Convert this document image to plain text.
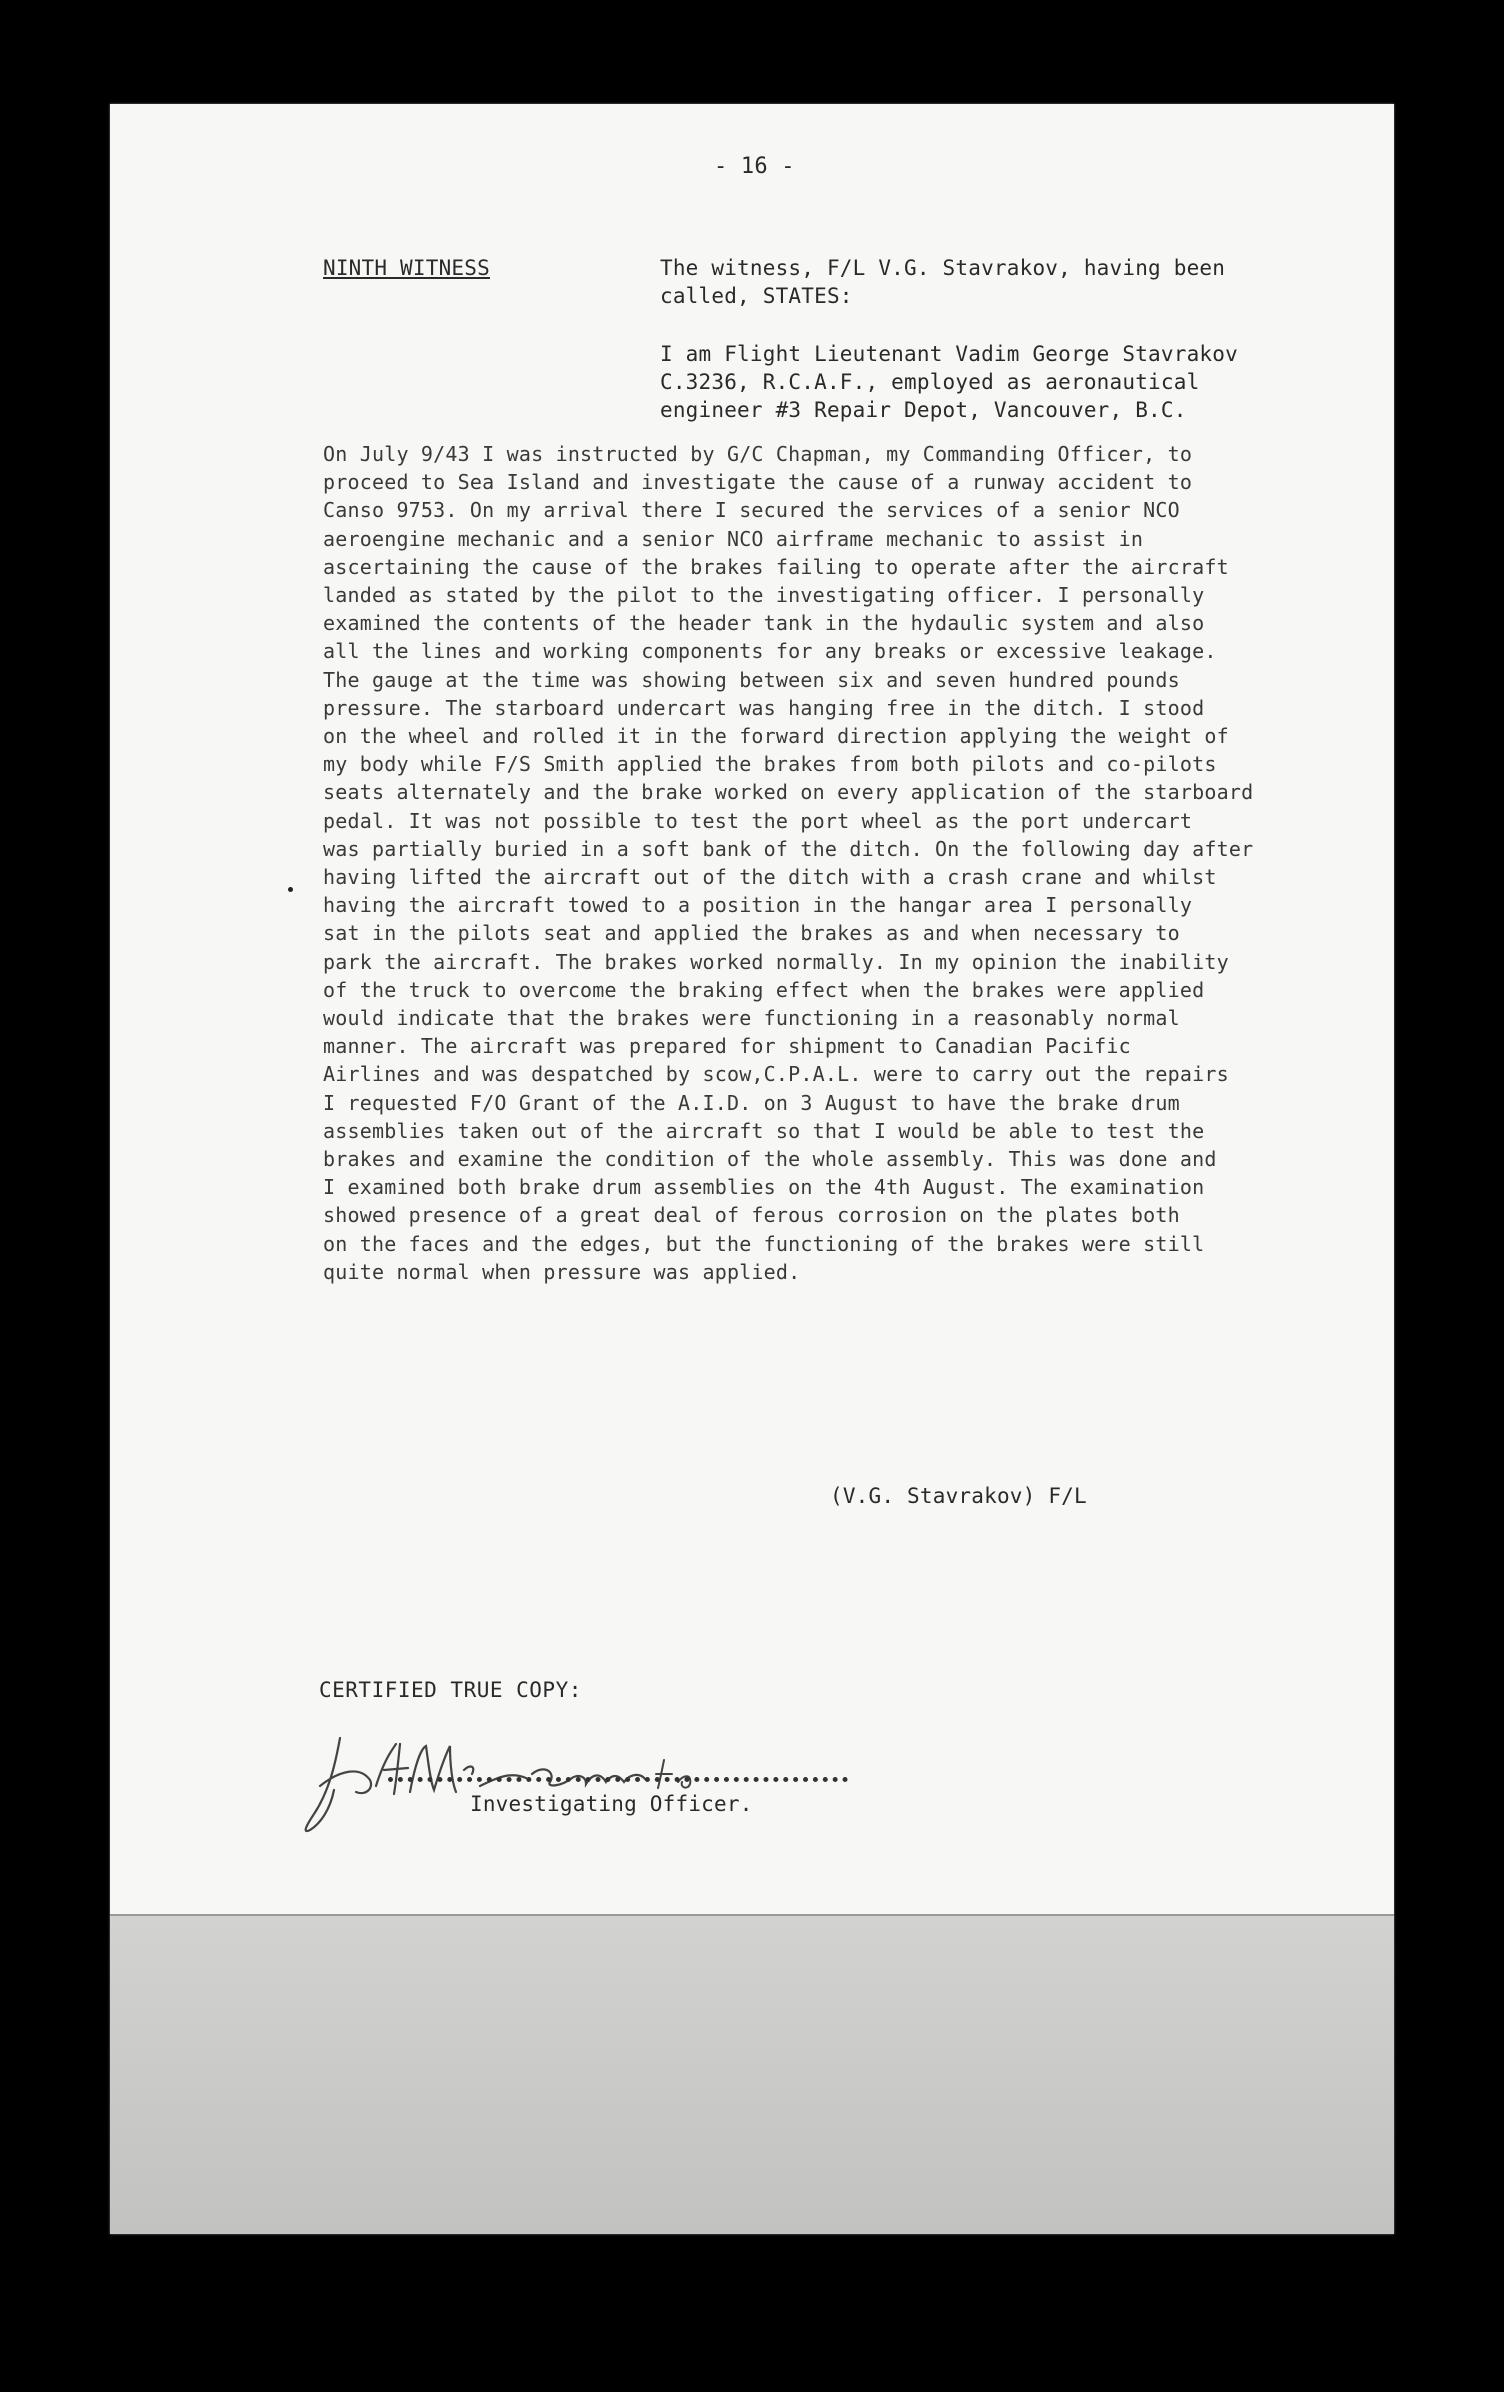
- 16 -
NINTH WITNESS	The witness, F/L V.G. Stavrakov, having been
called, STATES:
I am Flight Lieutenant Vadim George Stavrakov
C.3236, R.C.A.F., employed as aeronautical
engineer #3 Repair Depot, Vancouver, B.C.

On July 9/43 I was instructed by G/C Chapman, my Commanding Officer, to
proceed to Sea Island and investigate the cause of a runway accident to
Canso 9753. On my arrival there I secured the services of a senior NCO
aeroengine mechanic and a senior NCO airframe mechanic to assist in
ascertaining the cause of the brakes failing to operate after the aircraft
landed as stated by the pilot to the investigating officer. I personally
examined the contents of the header tank in the hydaulic system and also
all the lines and working components for any breaks or excessive leakage.
The gauge at the time was showing between six and seven hundred pounds
pressure. The starboard undercart was hanging free in the ditch. I stood
on the wheel and rolled it in the forward direction applying the weight of
my body while F/S Smith applied the brakes from both pilots and co-pilots
seats alternately and the brake worked on every application of the starboard
pedal. It was not possible to test the port wheel as the port undercart
was partially buried in a soft bank of the ditch. On the following day after
having lifted the aircraft out of the ditch with a crash crane and whilst
having the aircraft towed to a position in the hangar area I personally
sat in the pilots seat and applied the brakes as and when necessary to
park the aircraft. The brakes worked normally. In my opinion the inability
of the truck to overcome the braking effect when the brakes were applied
would indicate that the brakes were functioning in a reasonably normal
manner. The aircraft was prepared for shipment to Canadian Pacific
Airlines and was despatched by scow,C.P.A.L. were to carry out the repairs
I requested F/O Grant of the A.I.D. on 3 August to have the brake drum
assemblies taken out of the aircraft so that I would be able to test the
brakes and examine the condition of the whole assembly. This was done and
I examined both brake drum assemblies on the 4th August. The examination
showed presence of a great deal of ferous corrosion on the plates both
on the faces and the edges, but the functioning of the brakes were still
quite normal when pressure was applied.

(V.G. Stavrakov) F/L
CERTIFIED TRUE COPY:
Investigating Officer.
